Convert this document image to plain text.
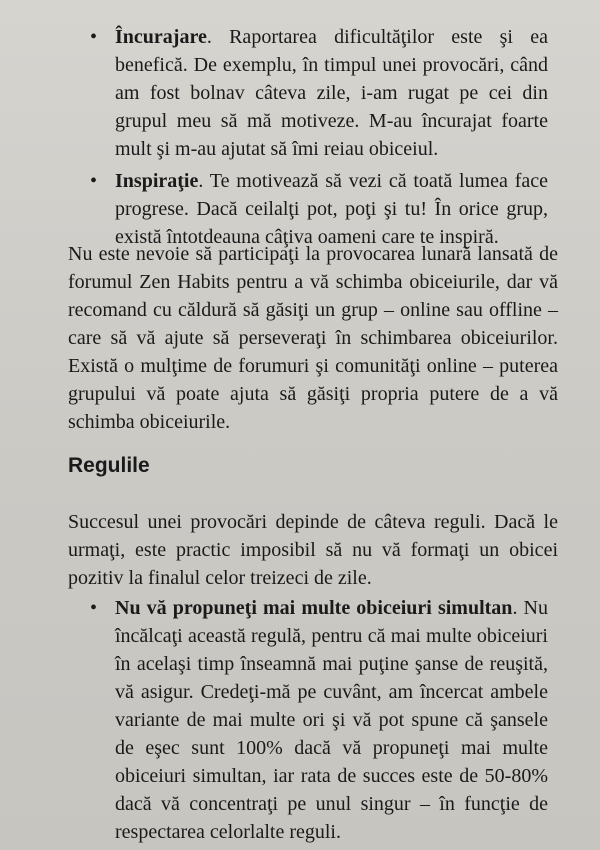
• Încurajare. Raportarea dificultăţilor este şi ea benefică. De exemplu, în timpul unei provocări, când am fost bolnav câteva zile, i-am rugat pe cei din grupul meu să mă motiveze. M-au încurajat foarte mult şi m-au ajutat să îmi reiau obiceiul.
• Inspiraţie. Te motivează să vezi că toată lumea face progrese. Dacă ceilalţi pot, poţi şi tu! În orice grup, există întotdeauna câţiva oameni care te inspiră.

Nu este nevoie să participaţi la provocarea lunară lansată de forumul Zen Habits pentru a vă schimba obiceiurile, dar vă recomand cu căldură să găsiţi un grup – online sau offline – care să vă ajute să perseveraţi în schimbarea obiceiurilor. Există o mulţime de forumuri şi comunităţi online – puterea grupului vă poate ajuta să găsiţi propria putere de a vă schimba obiceiurile.

Regulile

Succesul unei provocări depinde de câteva reguli. Dacă le urmaţi, este practic imposibil să nu vă formaţi un obicei pozitiv la finalul celor treizeci de zile.

• Nu vă propuneţi mai multe obiceiuri simultan. Nu încălcaţi această regulă, pentru că mai multe obiceiuri în acelaşi timp înseamnă mai puţine şanse de reuşită, vă asigur. Credeţi-mă pe cuvânt, am încercat ambele variante de mai multe ori şi vă pot spune că şansele de eşec sunt 100% dacă vă propuneţi mai multe obiceiuri simultan, iar rata de succes este de 50-80% dacă vă concentraţi pe unul singur – în funcţie de respectarea celorlalte reguli.
